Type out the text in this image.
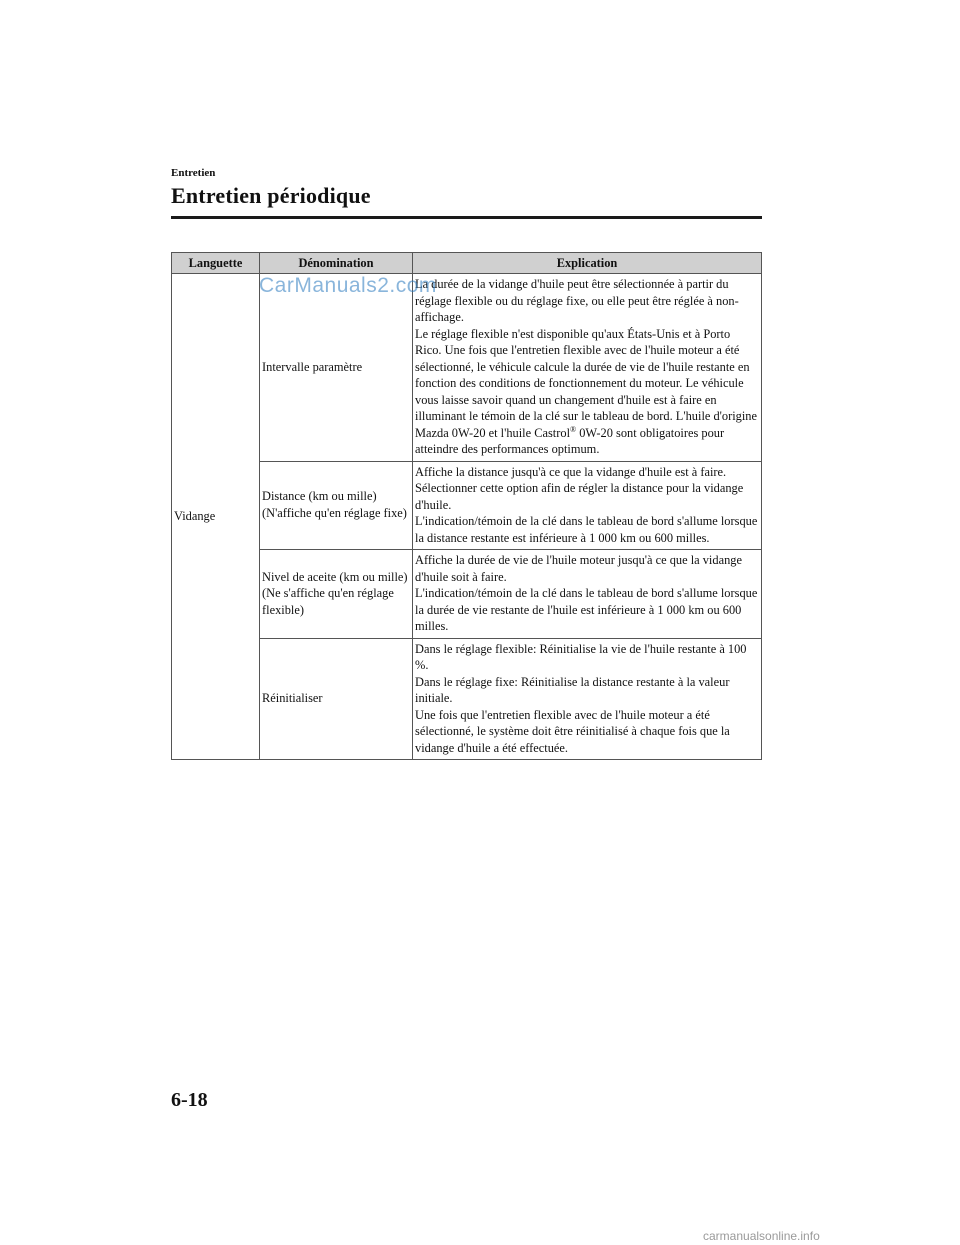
Entretien
Entretien périodique
Languette	Dénomination	Explication
Vidange	Intervalle paramètre	La durée de la vidange d'huile peut être sélectionnée à partir du réglage flexible ou du réglage fixe, ou elle peut être réglée à non-affichage.
Le réglage flexible n'est disponible qu'aux États-Unis et à Porto Rico. Une fois que l'entretien flexible avec de l'huile moteur a été sélectionné, le véhicule calcule la durée de vie de l'huile restante en fonction des conditions de fonctionnement du moteur. Le véhicule vous laisse savoir quand un changement d'huile est à faire en illuminant le témoin de la clé sur le tableau de bord. L'huile d'origine Mazda 0W-20 et l'huile Castrol® 0W-20 sont obligatoires pour atteindre des performances optimum.

	Distance (km ou mille) (N'affiche qu'en réglage fixe)	Affiche la distance jusqu'à ce que la vidange d'huile est à faire. Sélectionner cette option afin de régler la distance pour la vidange d'huile.
L'indication/témoin de la clé dans le tableau de bord s'allume lorsque la distance restante est inférieure à 1 000 km ou 600 milles.

	Nivel de aceite (km ou mille) (Ne s'affiche qu'en réglage flexible)	Affiche la durée de vie de l'huile moteur jusqu'à ce que la vidange d'huile soit à faire.
L'indication/témoin de la clé dans le tableau de bord s'allume lorsque la durée de vie restante de l'huile est inférieure à 1 000 km ou 600 milles.

	Réinitialiser	Dans le réglage flexible: Réinitialise la vie de l'huile restante à 100 %.
Dans le réglage fixe: Réinitialise la distance restante à la valeur initiale.
Une fois que l'entretien flexible avec de l'huile moteur a été sélectionné, le système doit être réinitialisé à chaque fois que la vidange d'huile a été effectuée.
CarManuals2.com
6-18
carmanualsonline.info
